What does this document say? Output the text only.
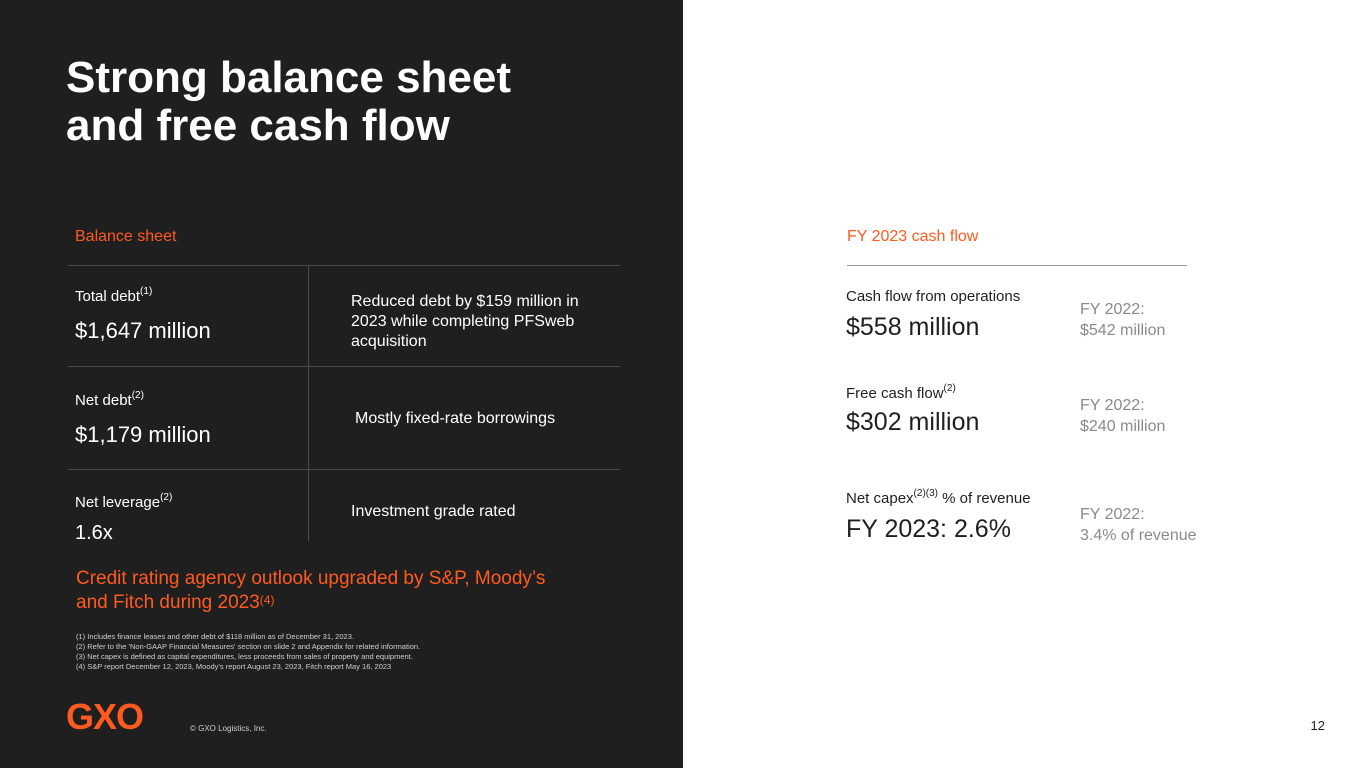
Strong balance sheet
and free cash flow
Balance sheet
Total debt$^{(1)}$
$1,647 million
Reduced debt by $159 million in 2023 while completing PFSweb acquisition
Net debt$^{(2)}$
$1,179 million
Mostly fixed-rate borrowings
Net leverage$^{(2)}$
1.6x
Investment grade rated
Credit rating agency outlook upgraded by S&P, Moody’s and Fitch during 2023$^{(4)}$
(1) Includes finance leases and other debt of $118 million as of December 31, 2023.
(2) Refer to the 'Non-GAAP Financial Measures' section on slide 2 and Appendix for related information.
(3) Net capex is defined as capital expenditures, less proceeds from sales of property and equipment.
(4) S&P report December 12, 2023, Moody's report August 23, 2023, Fitch report May 16, 2023
GXO	© GXO Logistics, Inc.
FY 2023 cash flow
Cash flow from operations
$558 million
FY 2022:
$542 million
Free cash flow$^{(2)}$
$302 million
FY 2022:
$240 million
Net capex$^{(2)(3)}$ % of revenue
FY 2023: 2.6%
FY 2022:
3.4% of revenue
12
